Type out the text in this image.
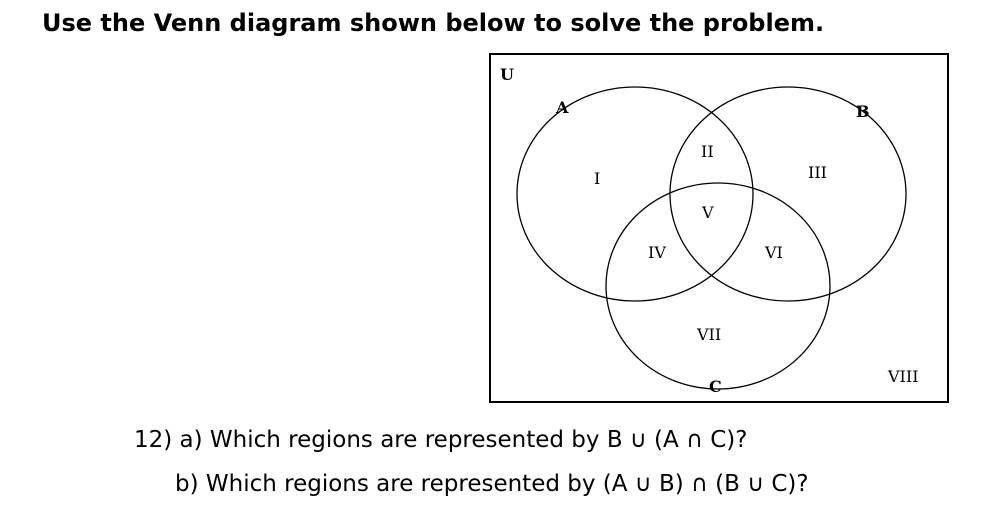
Use the Venn diagram shown below to solve the problem.
U
A	B
C
I
II
III
IV
V
VI
VII
VIII
12) a) Which regions are represented by B ∪ (A ∩ C)?
b) Which regions are represented by (A ∪ B) ∩ (B ∪ C)?
